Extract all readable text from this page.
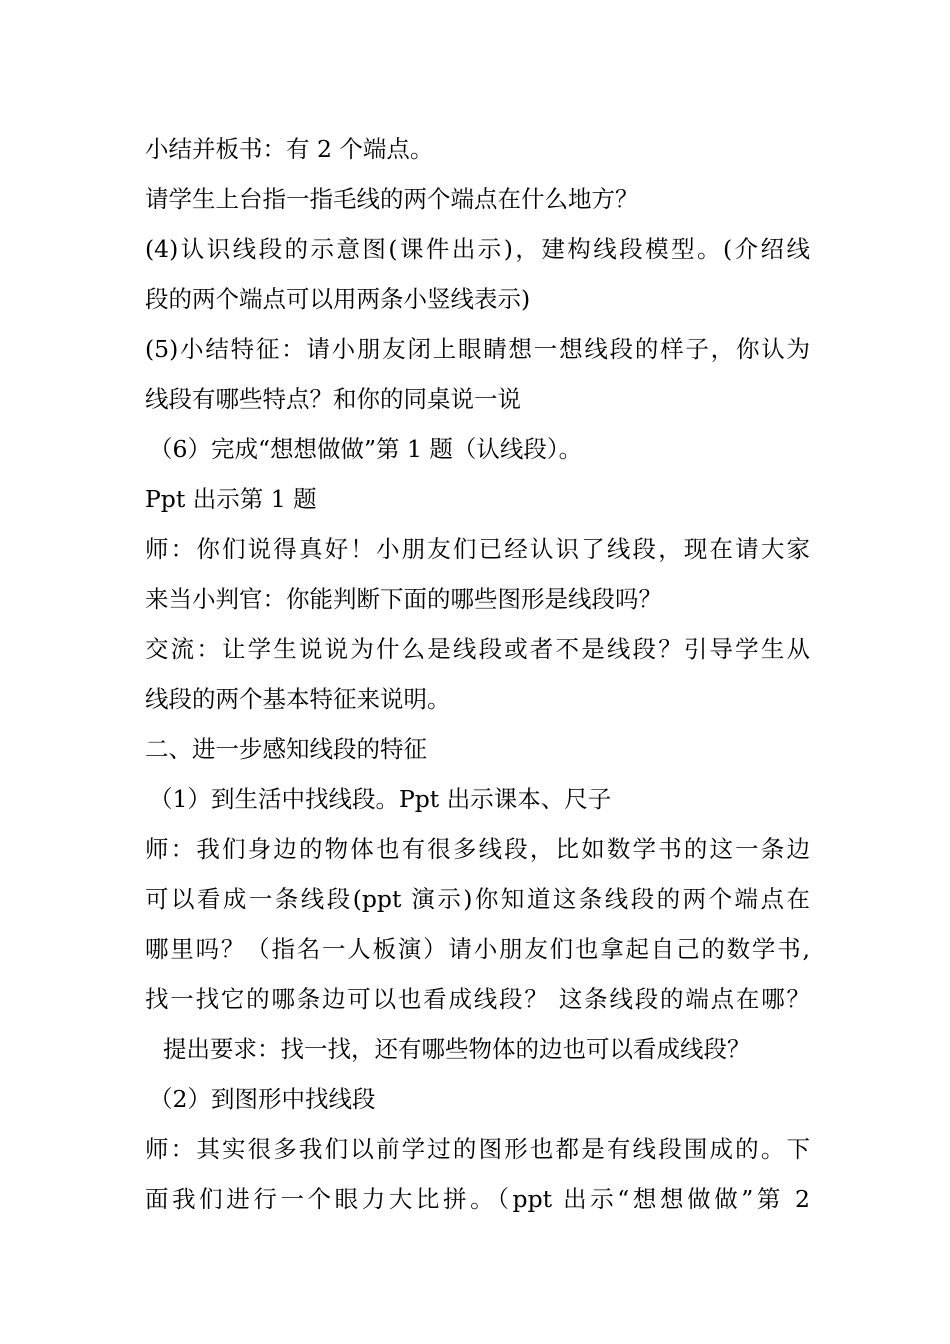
小结并板书：有 2 个端点。
请学生上台指一指毛线的两个端点在什么地方？
(4)认识线段的示意图(课件出示)，建构线段模型。(介绍线
段的两个端点可以用两条小竖线表示)
(5)小结特征：请小朋友闭上眼睛想一想线段的样子，你认为
线段有哪些特点？和你的同桌说一说
（6）完成“想想做做”第 1 题（认线段）。
Ppt 出示第 1 题
师：你们说得真好！小朋友们已经认识了线段，现在请大家
来当小判官：你能判断下面的哪些图形是线段吗？
交流：让学生说说为什么是线段或者不是线段？引导学生从
线段的两个基本特征来说明。
二、进一步感知线段的特征
（1）到生活中找线段。Ppt 出示课本、尺子
师：我们身边的物体也有很多线段，比如数学书的这一条边
可以看成一条线段(ppt 演示)你知道这条线段的两个端点在
哪里吗？（指名一人板演）请小朋友们也拿起自己的数学书,
找一找它的哪条边可以也看成线段？ 这条线段的端点在哪？
提出要求：找一找，还有哪些物体的边也可以看成线段？
（2）到图形中找线段
师：其实很多我们以前学过的图形也都是有线段围成的。下
面我们进行一个眼力大比拼。（ppt 出示“想想做做”第 2
